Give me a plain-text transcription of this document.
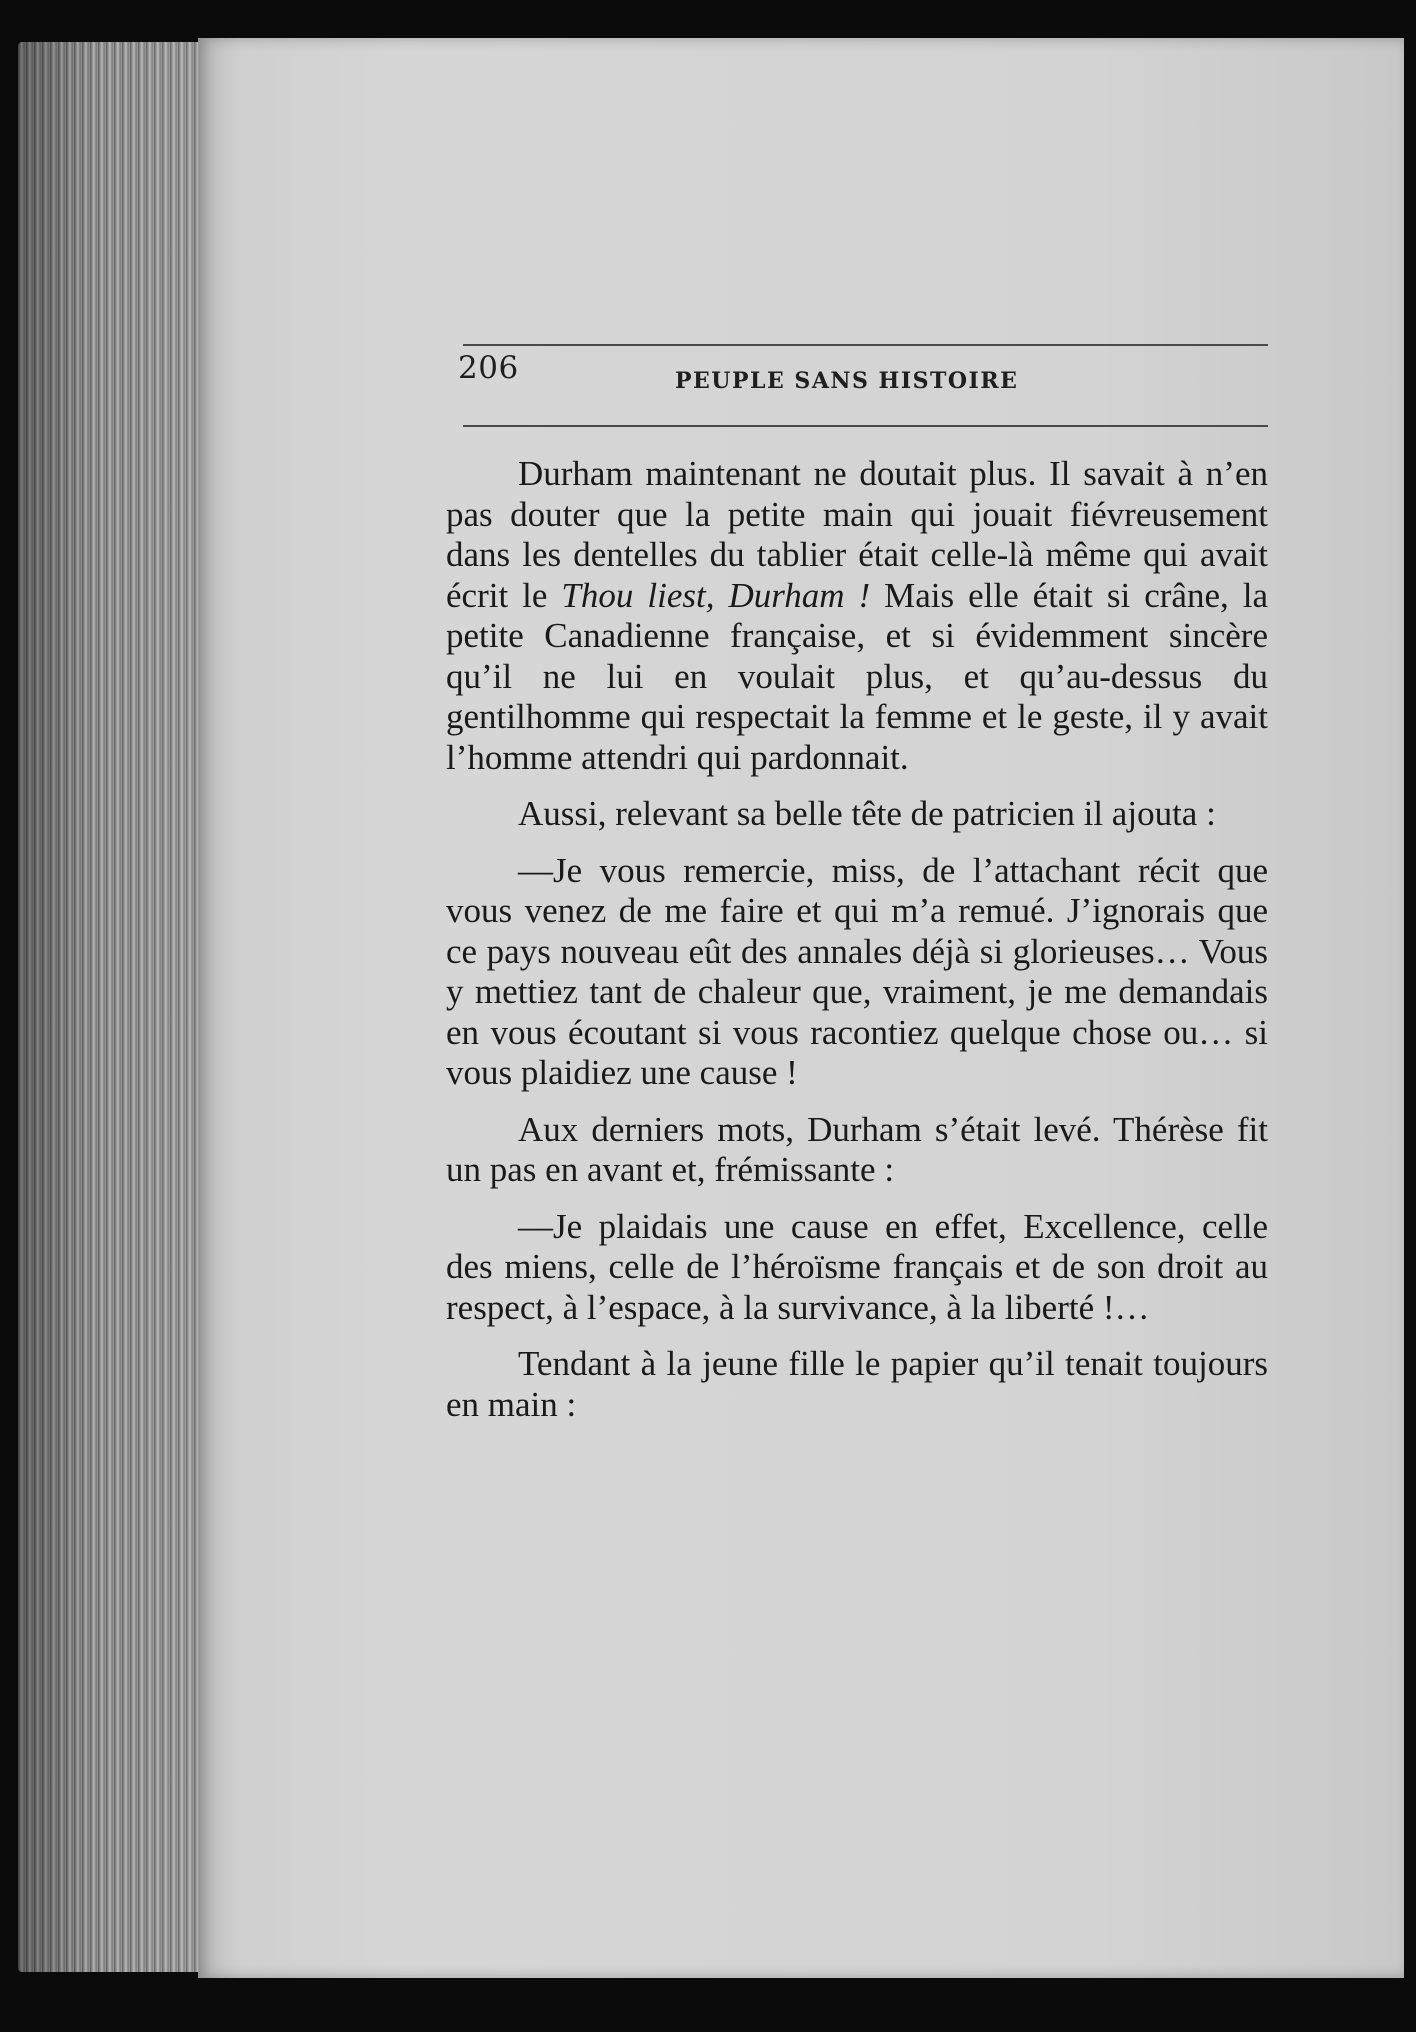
206	PEUPLE SANS HISTOIRE

Durham maintenant ne doutait plus. Il savait à n’en pas douter que la petite main qui jouait fiévreusement dans les dentelles du tablier était celle-là même qui avait écrit le Thou liest, Durham ! Mais elle était si crâne, la petite Canadienne française, et si évidemment sincère qu’il ne lui en voulait plus, et qu’au-dessus du gentilhomme qui respectait la femme et le geste, il y avait l’homme attendri qui pardonnait.

Aussi, relevant sa belle tête de patricien il ajouta :

—Je vous remercie, miss, de l’attachant récit que vous venez de me faire et qui m’a remué. J’ignorais que ce pays nouveau eût des annales déjà si glorieuses… Vous y mettiez tant de chaleur que, vraiment, je me demandais en vous écoutant si vous racontiez quelque chose ou… si vous plaidiez une cause !

Aux derniers mots, Durham s’était levé. Thérèse fit un pas en avant et, frémissante :

—Je plaidais une cause en effet, Excellence, celle des miens, celle de l’héroïsme français et de son droit au respect, à l’espace, à la survivance, à la liberté !…

Tendant à la jeune fille le papier qu’il tenait toujours en main :
